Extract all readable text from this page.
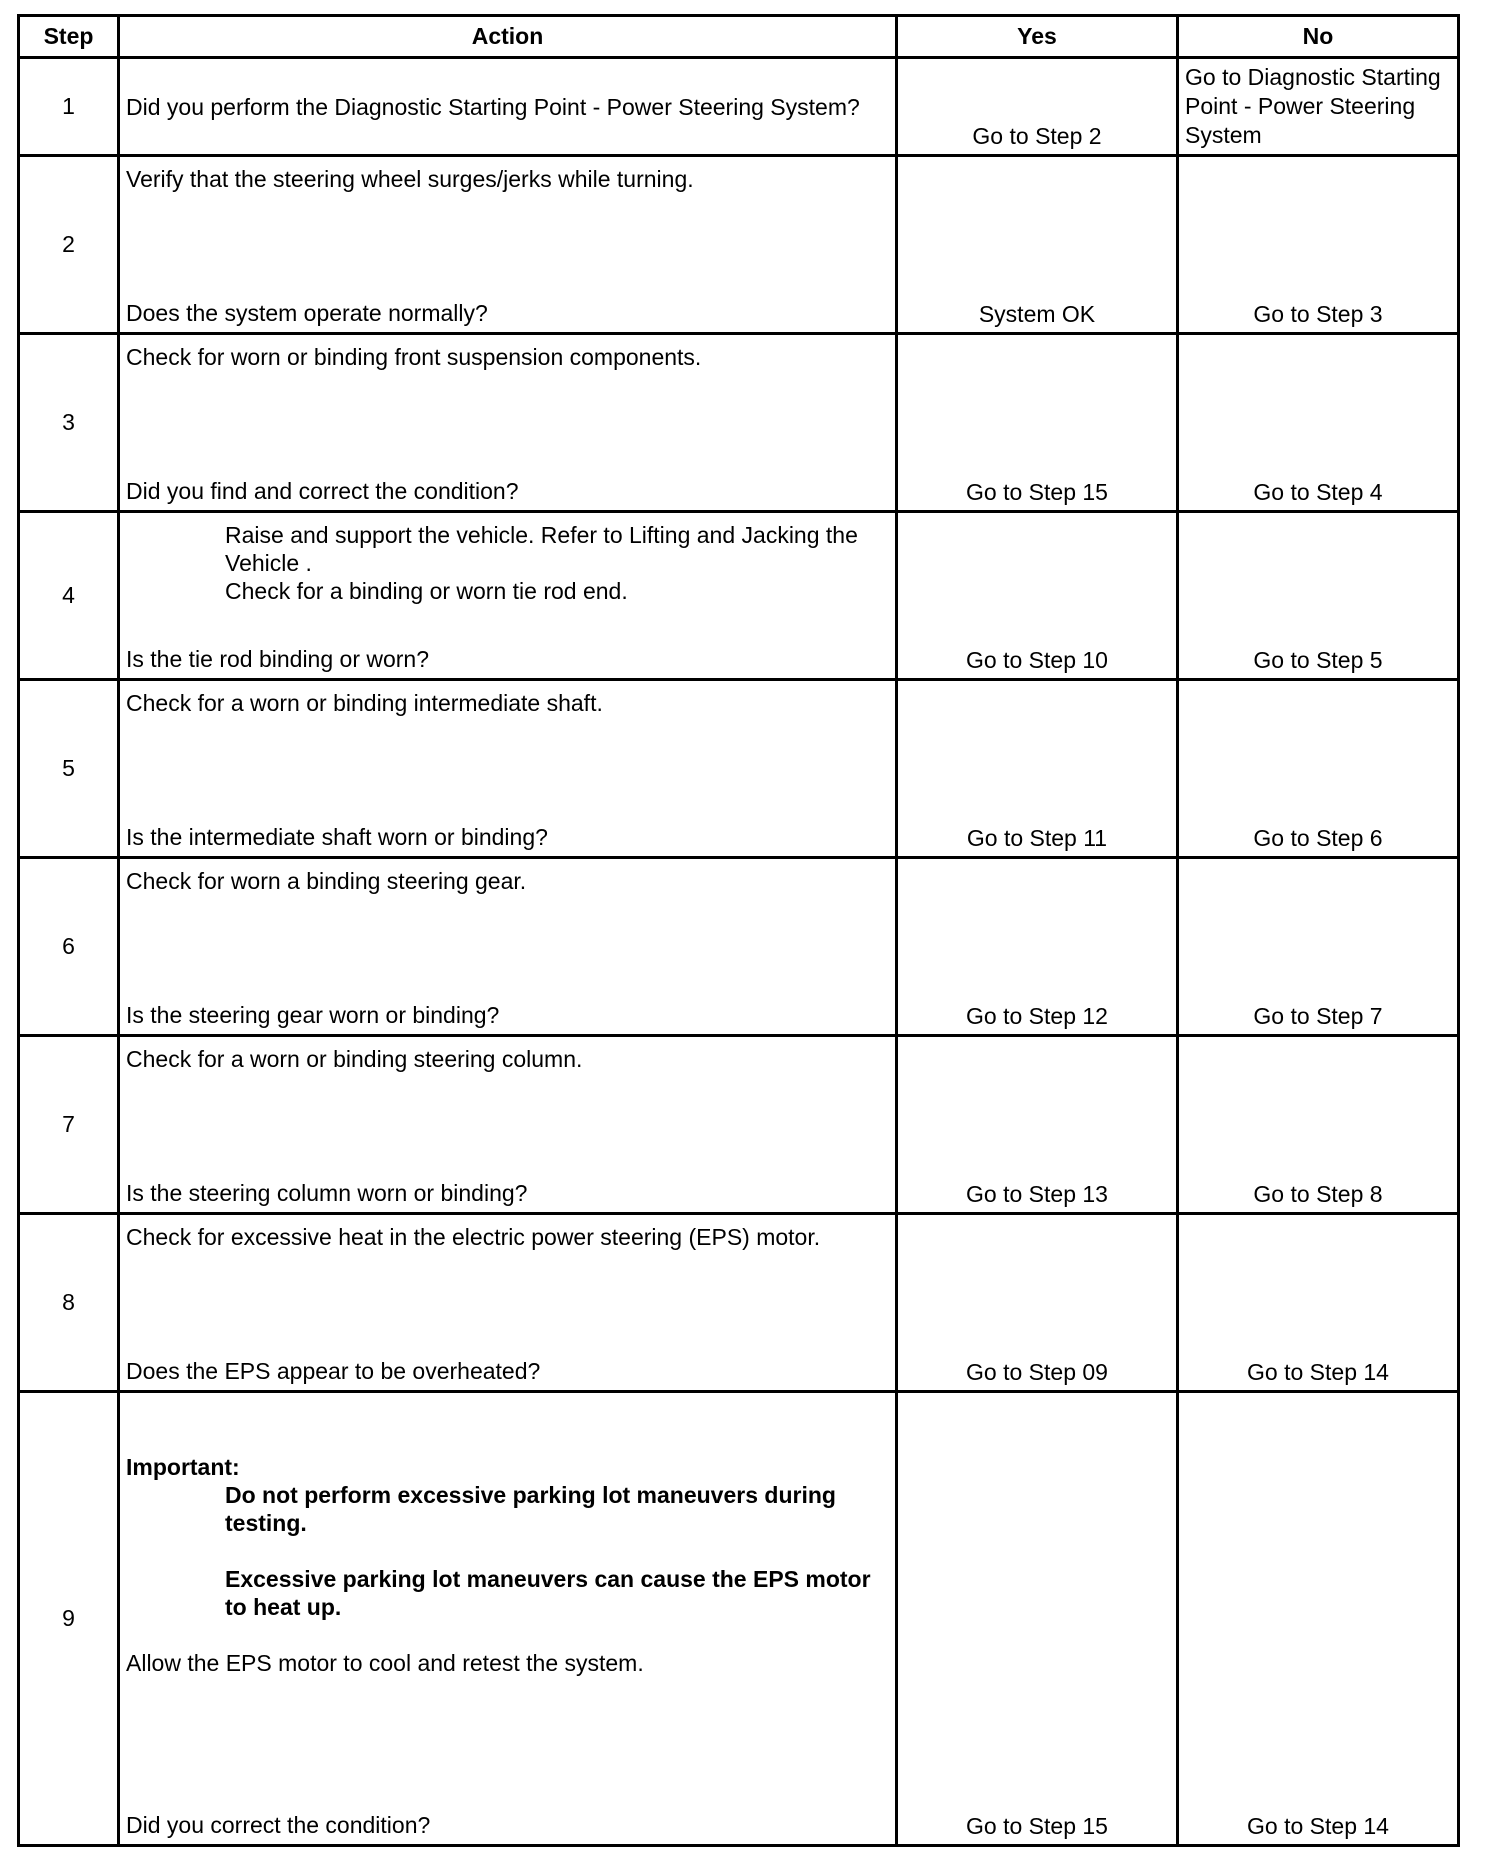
Step	Action	Yes	No
1	Did you perform the Diagnostic Starting Point - Power Steering System?	Go to Step 2	Go to Diagnostic Starting Point - Power Steering System
2	Verify that the steering wheel surges/jerks while turning.
Does the system operate normally?	System OK	Go to Step 3
3	Check for worn or binding front suspension components.
Did you find and correct the condition?	Go to Step 15	Go to Step 4
4	Raise and support the vehicle. Refer to Lifting and Jacking the Vehicle .
Check for a binding or worn tie rod end.
Is the tie rod binding or worn?	Go to Step 10	Go to Step 5
5	Check for a worn or binding intermediate shaft.
Is the intermediate shaft worn or binding?	Go to Step 11	Go to Step 6
6	Check for worn a binding steering gear.
Is the steering gear worn or binding?	Go to Step 12	Go to Step 7
7	Check for a worn or binding steering column.
Is the steering column worn or binding?	Go to Step 13	Go to Step 8
8	Check for excessive heat in the electric power steering (EPS) motor.
Does the EPS appear to be overheated?	Go to Step 09	Go to Step 14
9	Important:
Do not perform excessive parking lot maneuvers during testing.
Excessive parking lot maneuvers can cause the EPS motor to heat up.
Allow the EPS motor to cool and retest the system.
Did you correct the condition?	Go to Step 15	Go to Step 14
